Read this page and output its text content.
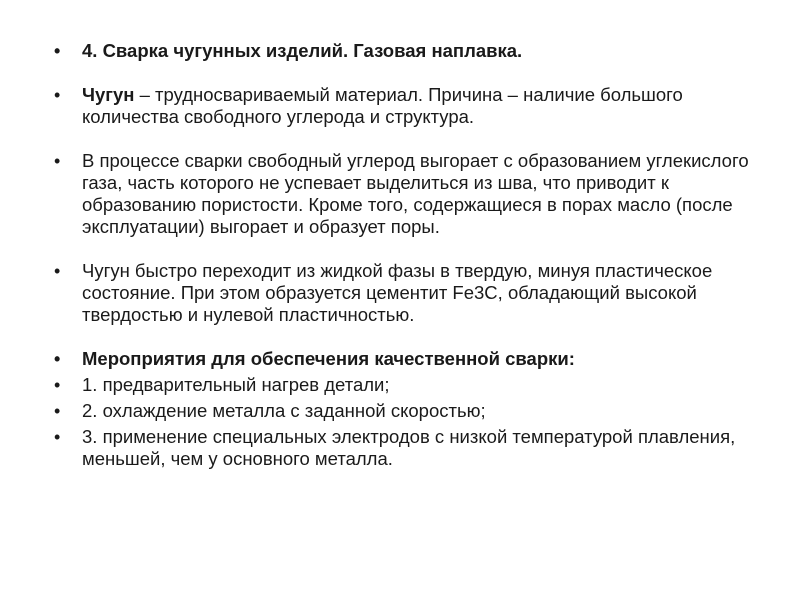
• 4. Сварка чугунных изделий. Газовая наплавка.
• Чугун – трудносвариваемый материал. Причина – наличие большого количества свободного углерода и структура.
• В процессе сварки свободный углерод выгорает с образованием углекислого газа, часть которого не успевает выделиться из шва, что приводит к образованию пористости. Кроме того, содержащиеся в порах масло (после эксплуатации) выгорает и образует поры.
• Чугун быстро переходит из жидкой фазы в твердую, минуя пластическое состояние. При этом образуется цементит Fe3C, обладающий высокой твердостью и нулевой пластичностью.
• Мероприятия для обеспечения качественной сварки:
• 1. предварительный нагрев детали;
• 2. охлаждение металла с заданной скоростью;
• 3. применение специальных электродов с низкой температурой плавления, меньшей, чем у основного металла.
